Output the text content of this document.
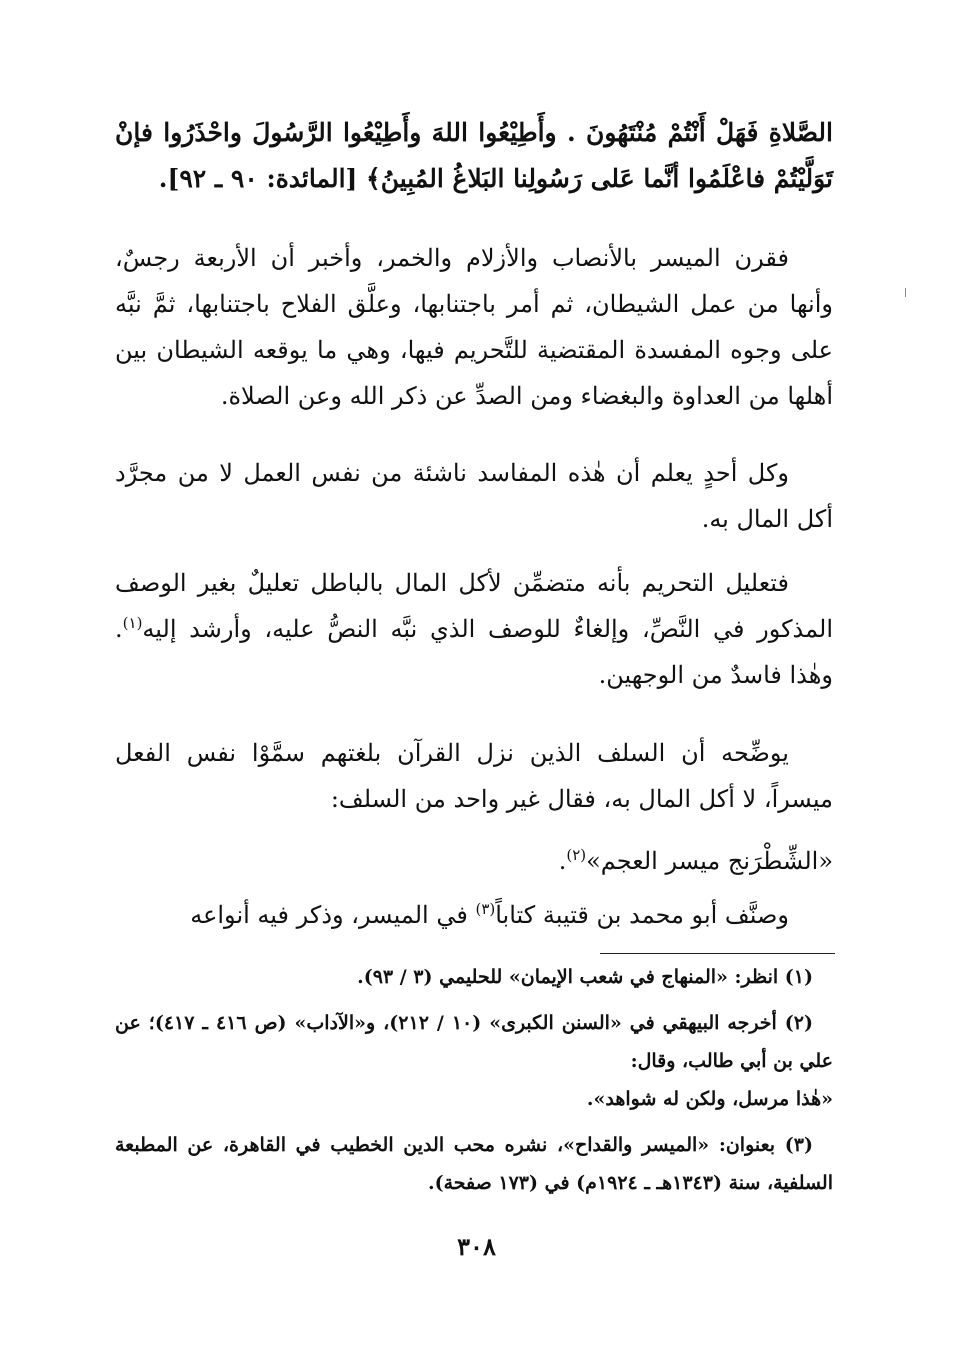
الصَّلاةِ فَهَلْ أَنْتُمْ مُنْتَهُونَ . وأَطِيْعُوا اللهَ وأَطِيْعُوا الرَّسُولَ واحْذَرُوا فإنْ تَوَلَّيْتُمْ فاعْلَمُوا أنَّما عَلى رَسُولِنا البَلاغُ المُبِينُ﴾ [المائدة: ٩٠ ـ ٩٢].

فقرن الميسر بالأنصاب والأزلام والخمر، وأخبر أن الأربعة رجسٌ، وأنها من عمل الشيطان، ثم أمر باجتنابها، وعلَّق الفلاح باجتنابها، ثمَّ نبَّه على وجوه المفسدة المقتضية للتَّحريم فيها، وهي ما يوقعه الشيطان بين أهلها من العداوة والبغضاء ومن الصدِّ عن ذكر الله وعن الصلاة.

وكل أحدٍ يعلم أن هٰذه المفاسد ناشئة من نفس العمل لا من مجرَّد أكل المال به.

فتعليل التحريم بأنه متضمِّن لأكل المال بالباطل تعليلٌ بغير الوصف المذكور في النَّصِّ، وإلغاءٌ للوصف الذي نبَّه النصُّ عليه، وأرشد إليه$^{(١)}$. وهٰذا فاسدٌ من الوجهين.

يوضِّحه أن السلف الذين نزل القرآن بلغتهم سمَّوْا نفس الفعل ميسراً، لا أكل المال به، فقال غير واحد من السلف:

«الشِّطْرَنج ميسر العجم»$^{(٢)}$.

وصنَّف أبو محمد بن قتيبة كتاباً$^{(٣)}$ في الميسر، وذكر فيه أنواعه

(١) انظر: «المنهاج في شعب الإيمان» للحليمي (٣ / ٩٣).

(٢) أخرجه البيهقي في «السنن الكبرى» (١٠ / ٢١٢)، و«الآداب» (ص ٤١٦ ـ ٤١٧)؛ عن علي بن أبي طالب، وقال:

«هٰذا مرسل، ولكن له شواهد».

(٣) بعنوان: «الميسر والقداح»، نشره محب الدين الخطيب في القاهرة، عن المطبعة السلفية، سنة (١٣٤٣هـ ـ ١٩٢٤م) في (١٧٣ صفحة).

٣٠٨
